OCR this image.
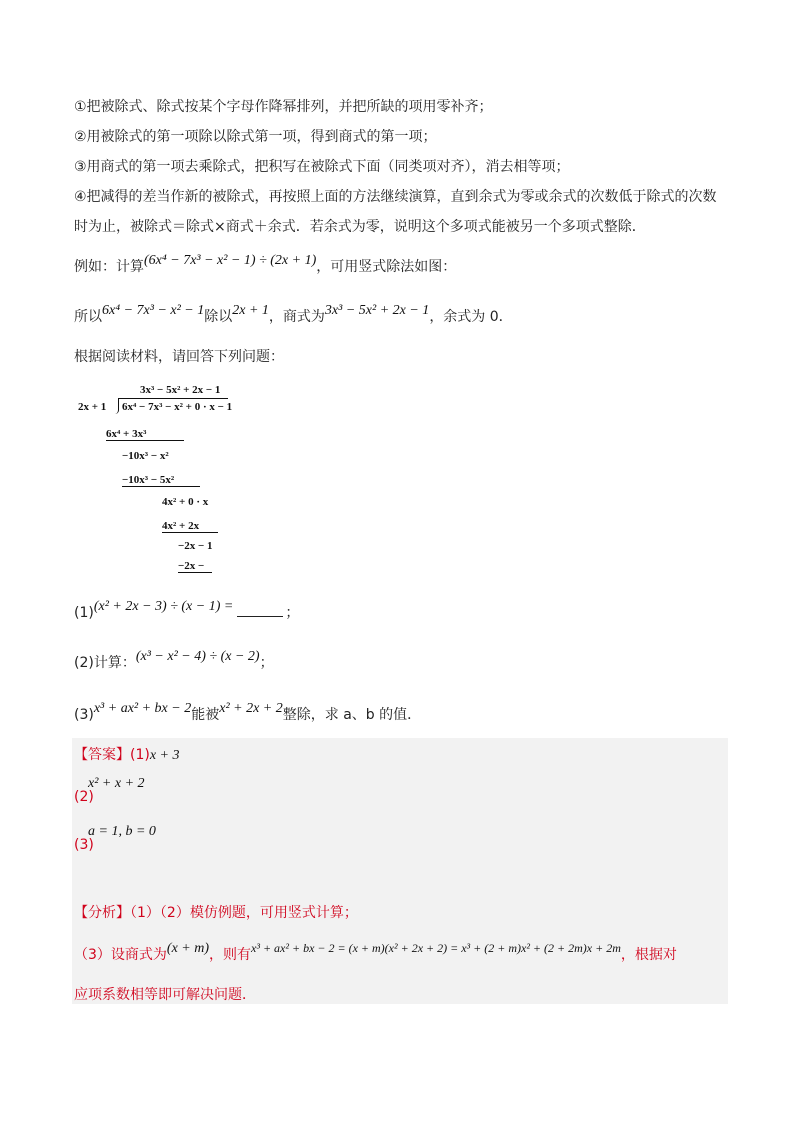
①把被除式、除式按某个字母作降幂排列，并把所缺的项用零补齐；
②用被除式的第一项除以除式第一项，得到商式的第一项；
③用商式的第一项去乘除式，把积写在被除式下面（同类项对齐），消去相等项；
④把减得的差当作新的被除式，再按照上面的方法继续演算，直到余式为零或余式的次数低于除式的次数
时为止，被除式＝除式×商式＋余式．若余式为零，说明这个多项式能被另一个多项式整除．
例如：计算(6x⁴ − 7x³ − x² − 1) ÷ (2x + 1)，可用竖式除法如图：
所以6x⁴ − 7x³ − x² − 1除以2x + 1，商式为3x³ − 5x² + 2x − 1，余式为 0．
根据阅读材料，请回答下列问题：
3x³ − 5x² + 2x − 1
2x + 1 6x⁴ − 7x³ − x² + 0 · x − 1
6x⁴ + 3x³
−10x³ − x²
−10x³ − 5x²
4x² + 0 · x
4x² + 2x
−2x − 1
−2x −
(1)(x² + 2x − 3) ÷ (x − 1) =	；
(2)计算：(x³ − x² − 4) ÷ (x − 2)；
(3)x³ + ax² + bx − 2能被x² + 2x + 2整除，求 a、b 的值．
【答案】(1)x + 3
x² + x + 2
(2)
a = 1, b = 0
(3)
【分析】（1）（2）模仿例题，可用竖式计算；
（3）设商式为(x + m)，则有x³ + ax² + bx − 2 = (x + m)(x² + 2x + 2) = x³ + (2 + m)x² + (2 + 2m)x + 2m，根据对
应项系数相等即可解决问题．
